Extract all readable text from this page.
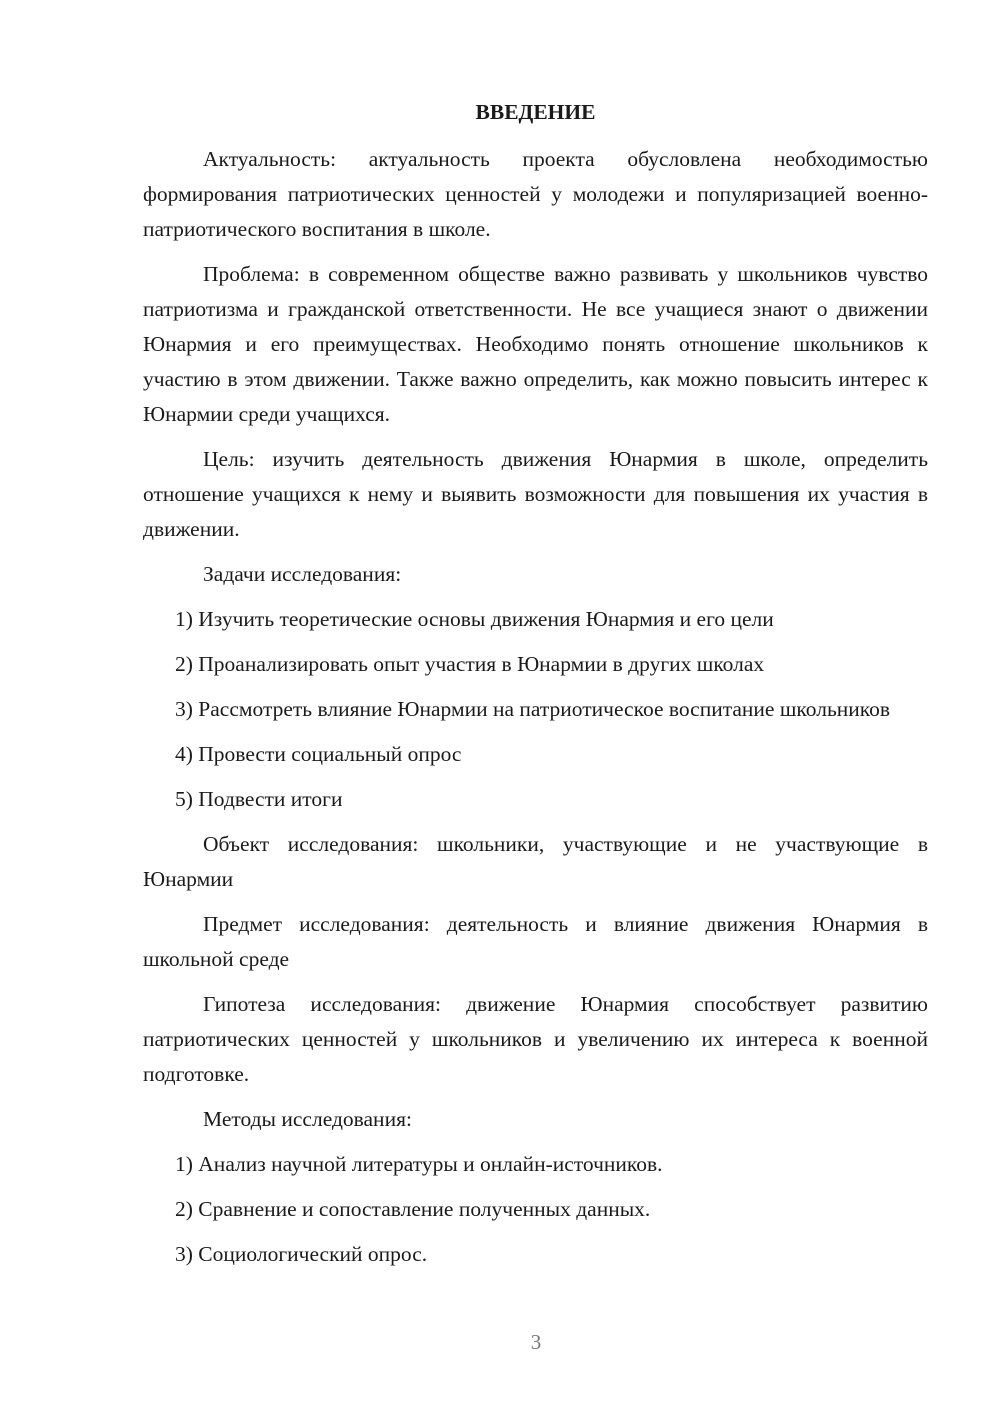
ВВЕДЕНИЕ

Актуальность: актуальность проекта обусловлена необходимостью формирования патриотических ценностей у молодежи и популяризацией военно-патриотического воспитания в школе.

Проблема: в современном обществе важно развивать у школьников чувство патриотизма и гражданской ответственности. Не все учащиеся знают о движении Юнармия и его преимуществах. Необходимо понять отношение школьников к участию в этом движении. Также важно определить, как можно повысить интерес к Юнармии среди учащихся.

Цель: изучить деятельность движения Юнармия в школе, определить отношение учащихся к нему и выявить возможности для повышения их участия в движении.

Задачи исследования:

1) Изучить теоретические основы движения Юнармия и его цели

2) Проанализировать опыт участия в Юнармии в других школах

3) Рассмотреть влияние Юнармии на патриотическое воспитание школьников

4) Провести социальный опрос

5) Подвести итоги

Объект исследования: школьники, участвующие и не участвующие в Юнармии

Предмет исследования: деятельность и влияние движения Юнармия в школьной среде

Гипотеза исследования: движение Юнармия способствует развитию патриотических ценностей у школьников и увеличению их интереса к военной подготовке.

Методы исследования:

1) Анализ научной литературы и онлайн-источников.

2) Сравнение и сопоставление полученных данных.

3) Социологический опрос.

3
